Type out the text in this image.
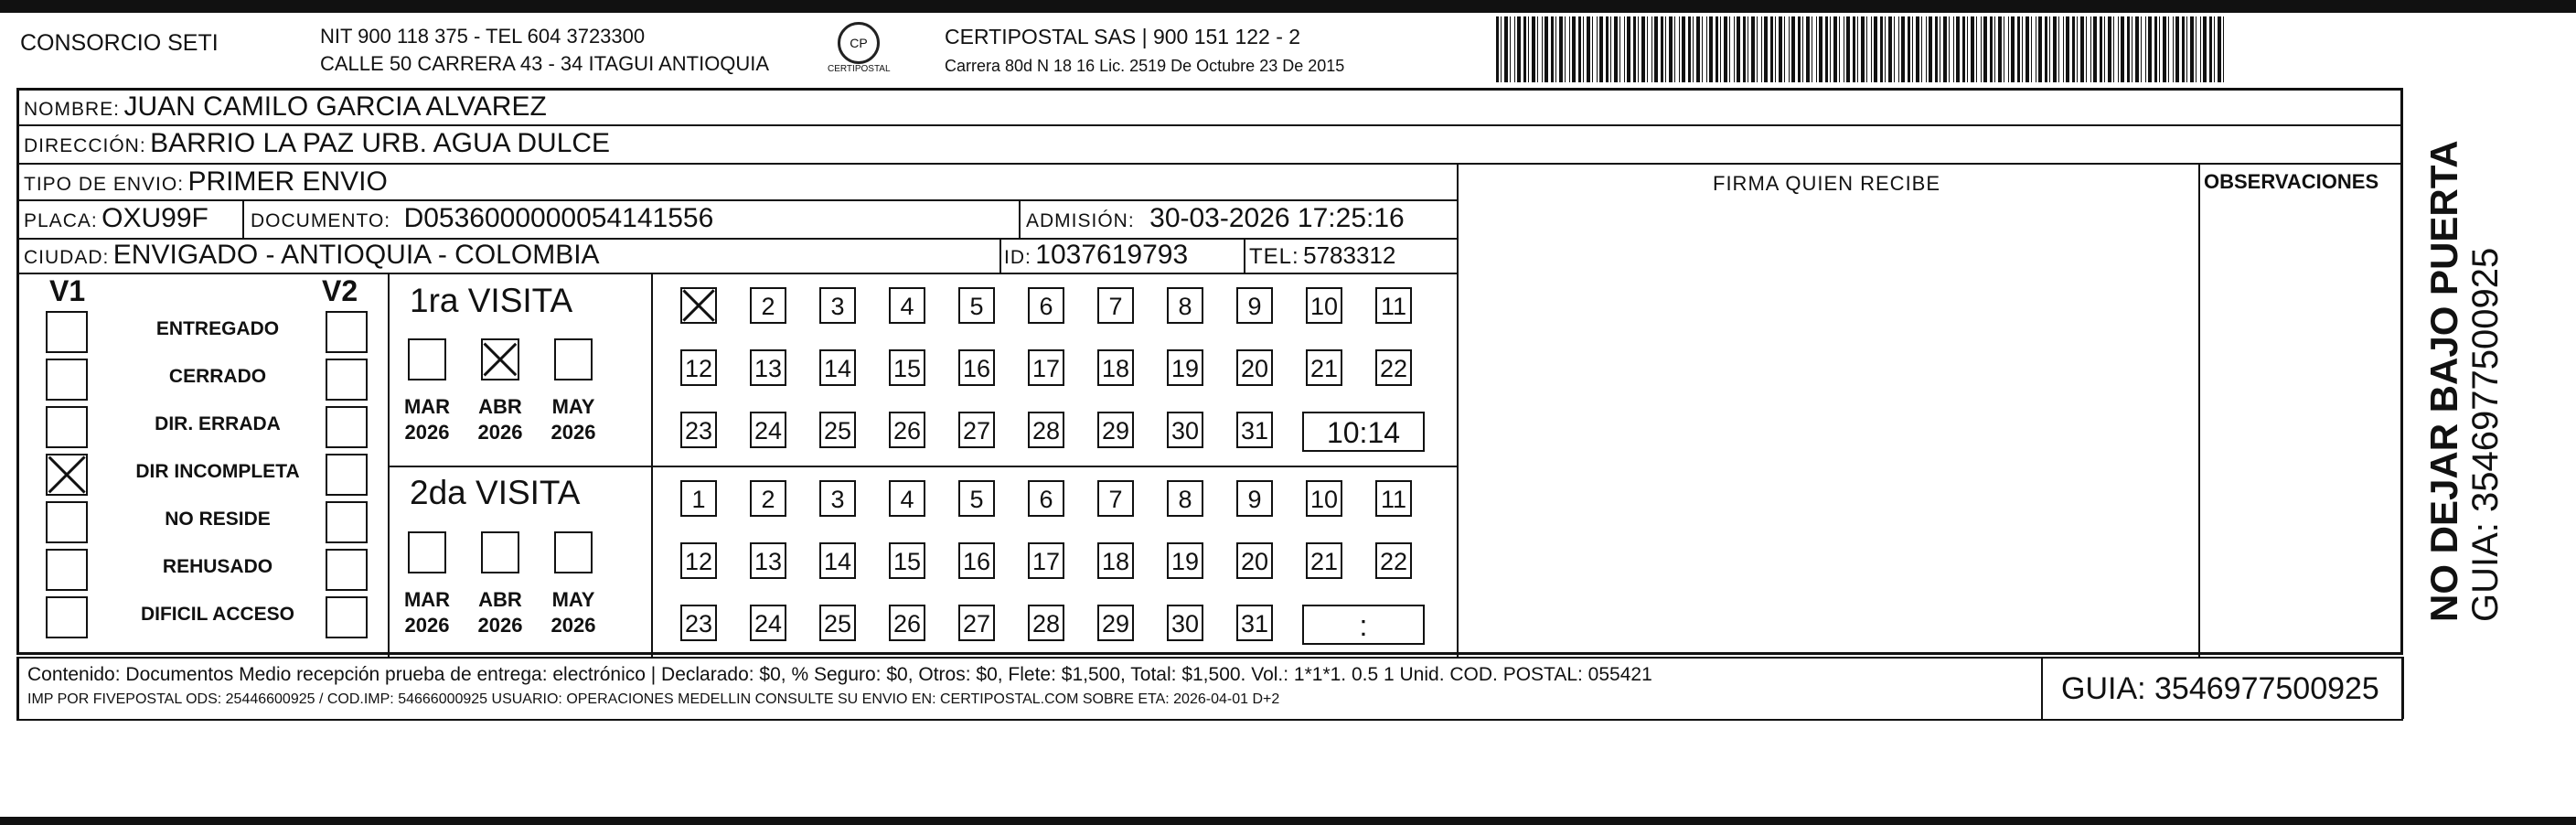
CONSORCIO SETI	NIT 900 118 375 - TEL 604 3723300
CALLE 50 CARRERA 43 - 34 ITAGUI ANTIOQUIA
CP
CERTIPOSTAL
CERTIPOSTAL SAS | 900 151 122 - 2
Carrera 80d N 18 16 Lic. 2519 De Octubre 23 De 2015
NOMBRE: JUAN CAMILO GARCIA ALVAREZ
DIRECCIÓN: BARRIO LA PAZ URB. AGUA DULCE
TIPO DE ENVIO: PRIMER ENVIO	FIRMA QUIEN RECIBE	OBSERVACIONES
PLACA: OXU99F DOCUMENTO: D0536000000054141556	ADMISIÓN: 30-03-2026 17:25:16
CIUDAD: ENVIGADO - ANTIOQUIA - COLOMBIA	ID: 1037619793	TEL: 5783312
V1	V2
ENTREGADO
CERRADO
DIR. ERRADA
DIR INCOMPLETA
NO RESIDE
REHUSADO
DIFICIL ACCESO
1ra VISITA
2da VISITA
MAR
2026
ABR
2026
MAY
2026
2	3	4	5	6	7	8	9	10 11
12 13 14 15 16 17 18 19 20 21 22
23 24 25 26 27 28 29 30 31	10:14
MAR
2026
ABR
2026
MAY
2026
1	2	3	4	5	6	7	8	9	10 11
12 13 14 15 16 17 18 19 20 21 22
23 24 25 26 27 28 29 30 31	:
Contenido: Documentos Medio recepción prueba de entrega: electrónico | Declarado: $0, % Seguro: $0, Otros: $0, Flete: $1,500, Total: $1,500. Vol.: 1*1*1. 0.5 1 Unid. COD. POSTAL: 055421
IMP POR FIVEPOSTAL ODS: 25446600925 / COD.IMP: 54666000925 USUARIO: OPERACIONES MEDELLIN CONSULTE SU ENVIO EN: CERTIPOSTAL.COM SOBRE ETA: 2026-04-01 D+2	GUIA: 3546977500925
NO DEJAR BAJO PUERTA GUIA: 3546977500925
